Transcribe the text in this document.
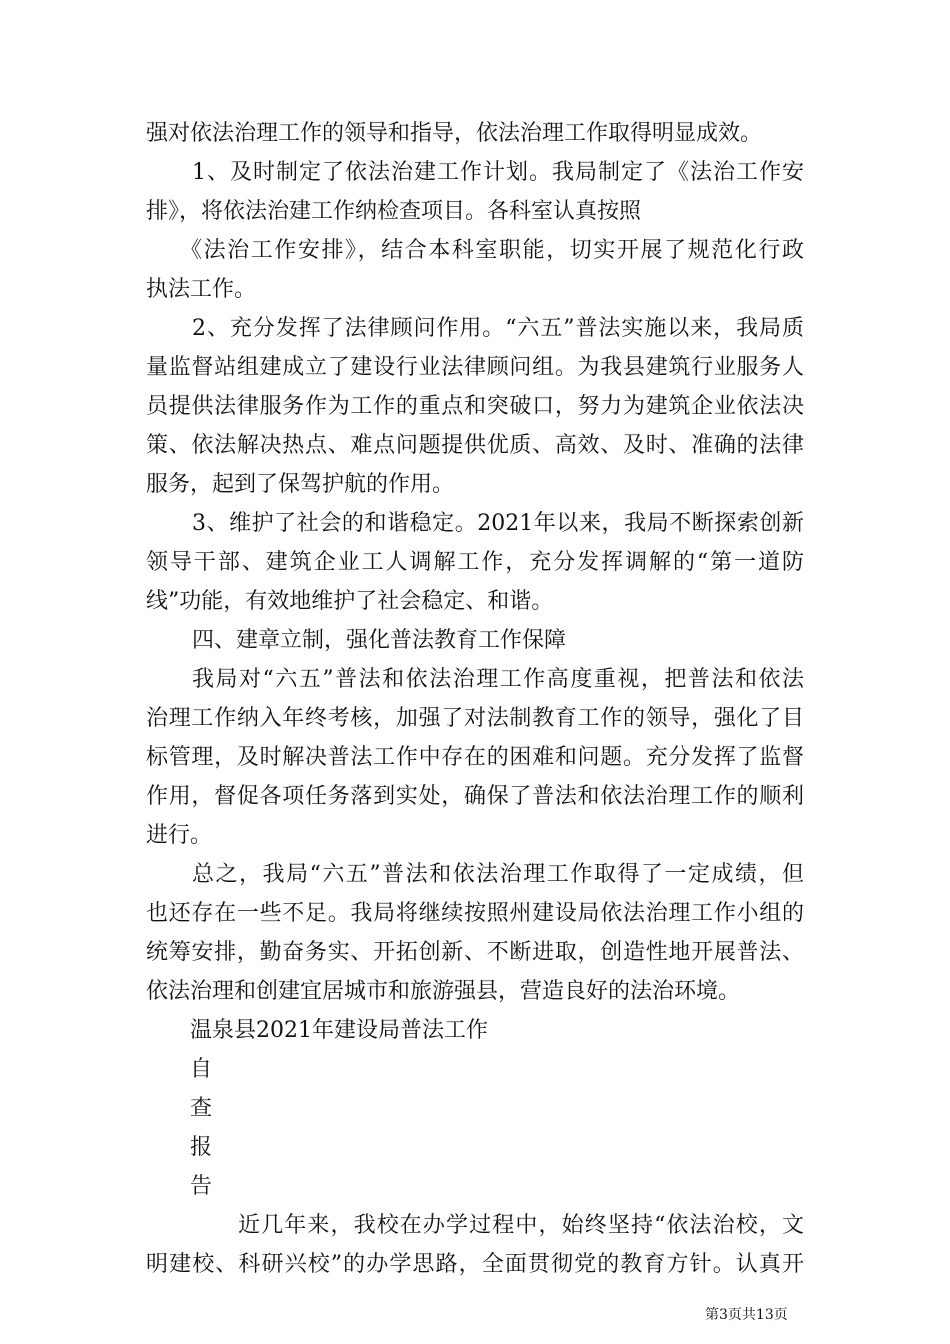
强对依法治理工作的领导和指导，依法治理工作取得明显成效。

1、及时制定了依法治建工作计划。我局制定了《法治工作安

排》，将依法治建工作纳检查项目。各科室认真按照

《法治工作安排》，结合本科室职能，切实开展了规范化行政

执法工作。

2、充分发挥了法律顾问作用。“六五”普法实施以来，我局质

量监督站组建成立了建设行业法律顾问组。为我县建筑行业服务人

员提供法律服务作为工作的重点和突破口，努力为建筑企业依法决

策、依法解决热点、难点问题提供优质、高效、及时、准确的法律

服务，起到了保驾护航的作用。

3、维护了社会的和谐稳定。2021年以来，我局不断探索创新

领导干部、建筑企业工人调解工作，充分发挥调解的“第一道防

线”功能，有效地维护了社会稳定、和谐。

四、建章立制，强化普法教育工作保障

我局对“六五”普法和依法治理工作高度重视，把普法和依法

治理工作纳入年终考核，加强了对法制教育工作的领导，强化了目

标管理，及时解决普法工作中存在的困难和问题。充分发挥了监督

作用，督促各项任务落到实处，确保了普法和依法治理工作的顺利

进行。

总之，我局“六五”普法和依法治理工作取得了一定成绩，但

也还存在一些不足。我局将继续按照州建设局依法治理工作小组的

统筹安排，勤奋务实、开拓创新、不断进取，创造性地开展普法、

依法治理和创建宜居城市和旅游强县，营造良好的法治环境。

温泉县2021年建设局普法工作

自

查

报

告

近几年来，我校在办学过程中，始终坚持“依法治校，文

明建校、科研兴校”的办学思路，全面贯彻党的教育方针。认真开

第3页共13页
